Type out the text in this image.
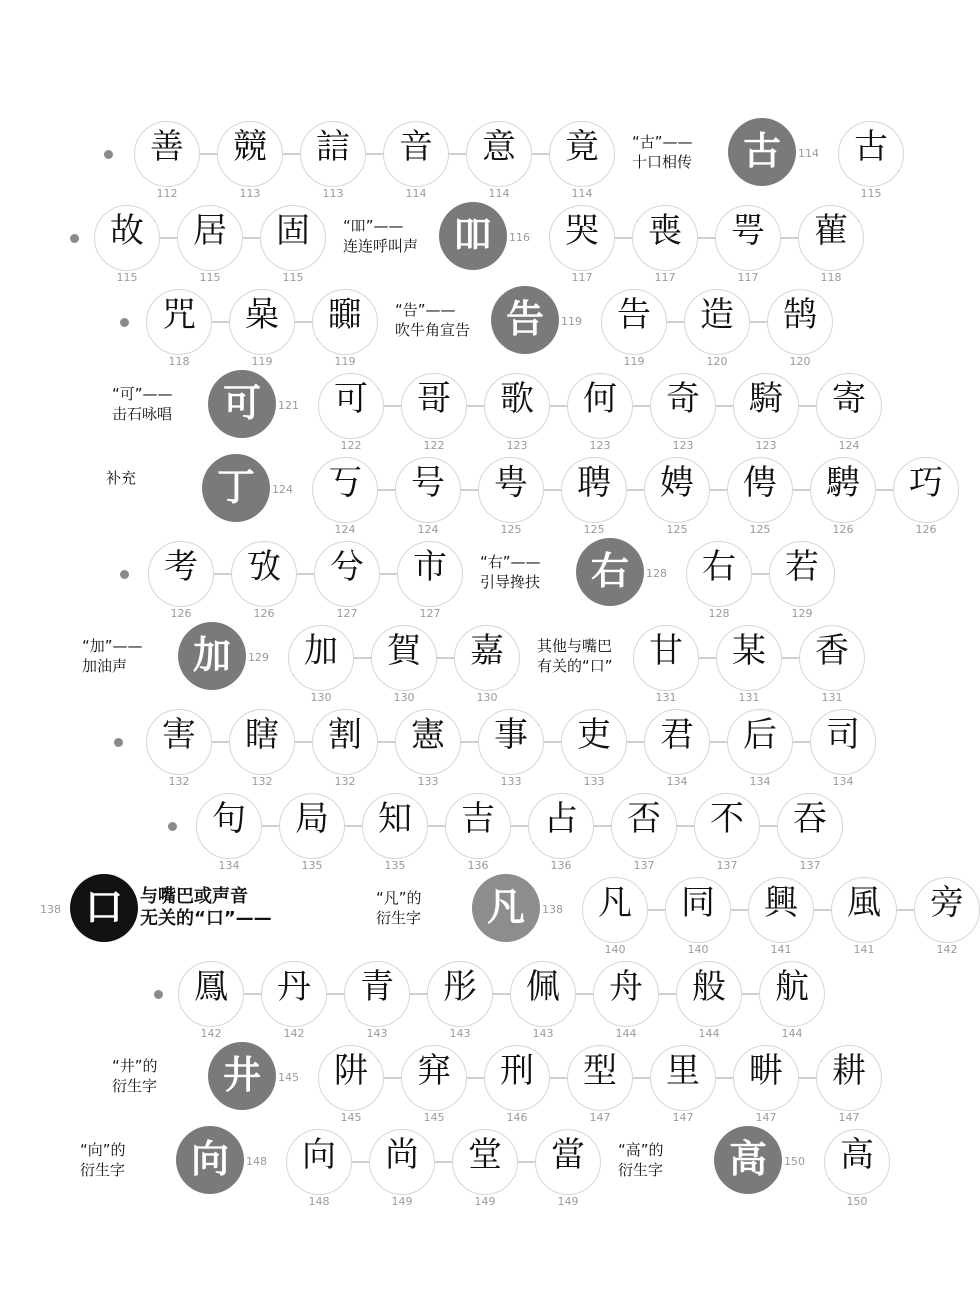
善
112
競
113
誩
113
音
114
意
114
竟
114
“古”——
十口相传	114
古	古
115
故
115
居
115
固
115
“吅”——
连连呼叫声	116
吅	哭
117
喪
117
咢
117
雚
118
咒
118
喿
119
嚻
119
“告”——
吹牛角宣告	119
告	告
119
造
120
鹄
120
“可”——
击石咏唱	121
可	可
122
哥
122
歌
123
何
123
奇
123
騎
123
寄
124
补充
124
丁	丂
124
号
124
甹
125
聘
125
娉
125
俜
125
騁
126
巧
126
考
126
攷
126
兮
127
市
127
“右”——
引导搀扶	128
右	右
128
若
129
“加”——
加油声	129
加	加
130
賀
130
嘉
130
其他与嘴巴
有关的“口”	甘
131
某
131
香
131
害
132
瞎
132
割
132
憲
133
事
133
吏
133
君
134
后
134
司
134
句
134
局
135
知
135
吉
136
占
136
否
137
不
137
吞
137
138 口 与嘴巴或声音
无关的“口”——
“凡”的
衍生字	138
凡	凡
140
同
140
興
141
風
141
旁
142
鳳
142
丹
142
青
143
彤
143
佩
143
舟
144
般
144
航
144
“井”的
衍生字	145
井	阱
145
穽
145
刑
146
型
147
里
147
畊
147
耕
147
“向”的
衍生字	148
向	向
148
尚
149
堂
149
當
149
“高”的
衍生字	150
高	高
150
